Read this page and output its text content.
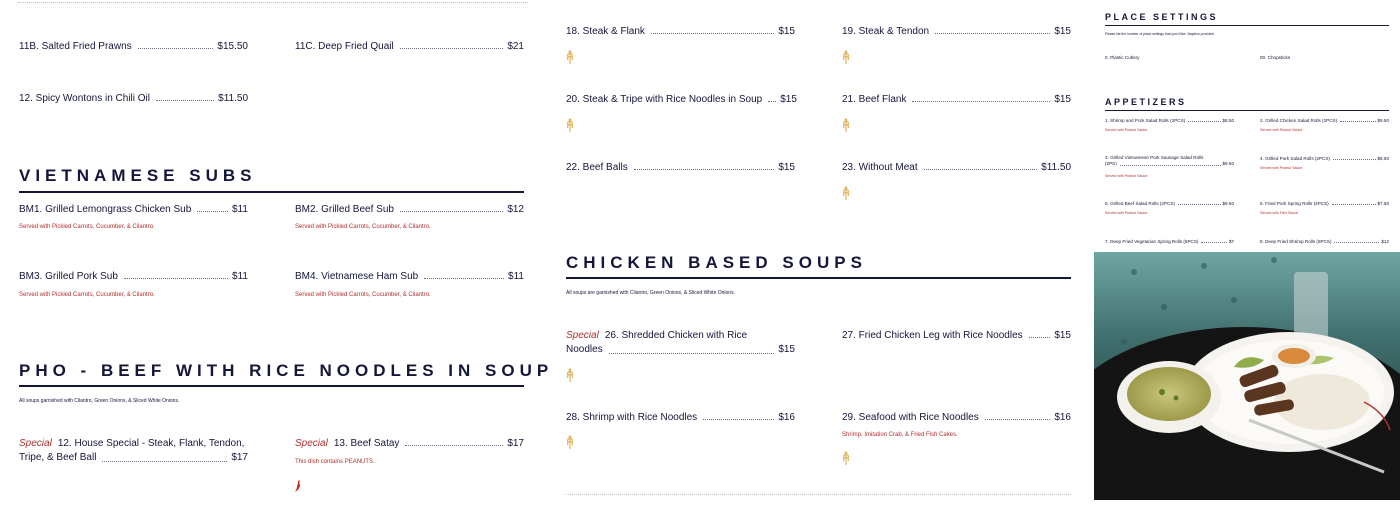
11B. Salted Fried Prawns	$15.50	11C. Deep Fried Quail	$21
12. Spicy Wontons in Chili Oil	$11.50
VIETNAMESE SUBS
BM1. Grilled Lemongrass Chicken Sub	$11
Served with Pickled Carrots, Cucumber, & Cilantro.
BM2. Grilled Beef Sub	$12
Served with Pickled Carrots, Cucumber, & Cilantro.
BM3. Grilled Pork Sub	$11
Served with Pickled Carrots, Cucumber, & Cilantro.
BM4. Vietnamese Ham Sub	$11
Served with Pickled Carrots, Cucumber, & Cilantro.
PHO - BEEF WITH RICE NOODLES IN SOUP
All soups garnished with Cilantro, Green Onions, & Sliced White Onions.
Special 12. House Special - Steak, Flank, Tendon,
Tripe, & Beef Ball	$17
Special 13. Beef Satay	$17
This dish contains PEANUTS.
18. Steak & Flank	$15	19. Steak & Tendon	$15
20. Steak & Tripe with Rice Noodles in Soup $15	21. Beef Flank	$15
22. Beef Balls	$15	23. Without Meat	$11.50
CHICKEN BASED SOUPS
All soups are garnished with Cilantro, Green Onions, & Sliced White Onions.
Special 26. Shredded Chicken with Rice
Noodles	$15
27. Fried Chicken Leg with Rice Noodles	$15
28. Shrimp with Rice Noodles	$16	29. Seafood with Rice Noodles	$16
Shrimp, Imitation Crab, & Fried Fish Cakes.
PLACE SETTINGS
Please list the number of place settings that you'd like. Napkins provided.
0. Plastic Cutlery	00. Chopsticks
APPETIZERS
1. Shrimp and Pork Salad Rolls (2PCS)	$8.50
Served with Peanut Sauce.
2. Grilled Chicken Salad Rolls (2PCS)	$9.50
Served with Peanut Sauce.
3. Grilled Vietnamese Pork Sausage Salad Rolls
(2PS)	$9.50
Served with Peanut Sauce.
4. Grilled Pork Salad Rolls (2PCS)	$8.50
Served with Peanut Sauce.
5. Grilled Beef Salad Rolls (2PCS)	$9.50
Served with Peanut Sauce.
6. Fried Pork Spring Rolls (4PCS)	$7.50
Served with Fish Sauce.
7. Deep Fried Vegetarian Spring Rolls (6PCS)	$7	8. Deep Fried Shrimp Rolls (6PCS)	$12
